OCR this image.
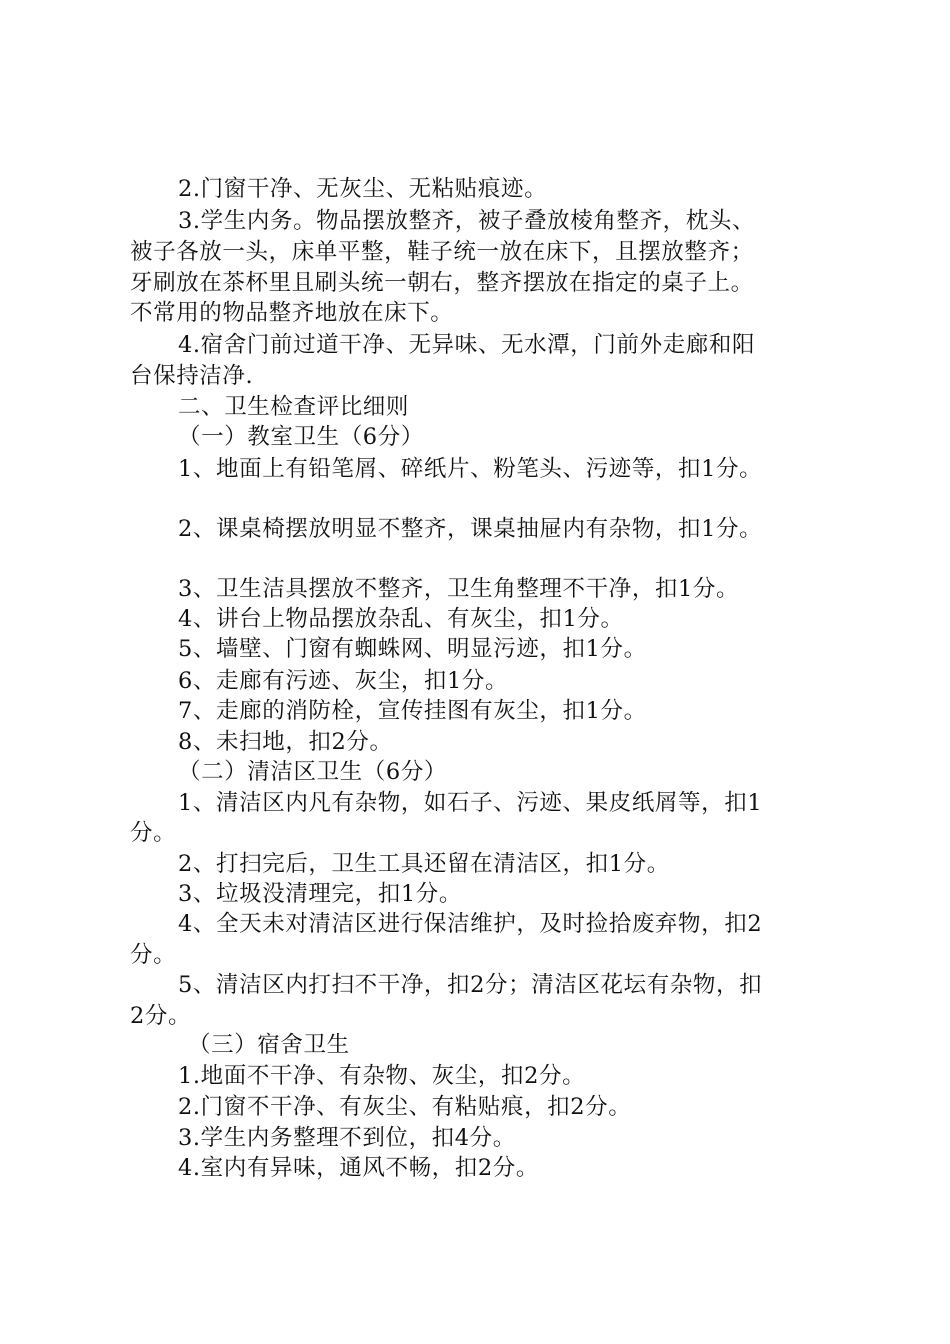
2.门窗干净、无灰尘、无粘贴痕迹。
3.学生内务。物品摆放整齐，被子叠放棱角整齐，枕头、
被子各放一头，床单平整，鞋子统一放在床下，且摆放整齐；
牙刷放在茶杯里且刷头统一朝右，整齐摆放在指定的桌子上。
不常用的物品整齐地放在床下。
4.宿舍门前过道干净、无异味、无水潭，门前外走廊和阳
台保持洁净.
二、卫生检查评比细则
（一）教室卫生（6分）
1、地面上有铅笔屑、碎纸片、粉笔头、污迹等，扣1分。
2、课桌椅摆放明显不整齐，课桌抽屉内有杂物，扣1分。
3、卫生洁具摆放不整齐，卫生角整理不干净，扣1分。
4、讲台上物品摆放杂乱、有灰尘，扣1分。
5、墙壁、门窗有蜘蛛网、明显污迹，扣1分。
6、走廊有污迹、灰尘，扣1分。
7、走廊的消防栓，宣传挂图有灰尘，扣1分。
8、未扫地，扣2分。
（二）清洁区卫生（6分）
1、清洁区内凡有杂物，如石子、污迹、果皮纸屑等，扣1
分。
2、打扫完后，卫生工具还留在清洁区，扣1分。
3、垃圾没清理完，扣1分。
4、全天未对清洁区进行保洁维护，及时捡拾废弃物，扣2
分。
5、清洁区内打扫不干净，扣2分；清洁区花坛有杂物，扣
2分。
（三）宿舍卫生
1.地面不干净、有杂物、灰尘，扣2分。
2.门窗不干净、有灰尘、有粘贴痕，扣2分。
3.学生内务整理不到位，扣4分。
4.室内有异味，通风不畅，扣2分。
